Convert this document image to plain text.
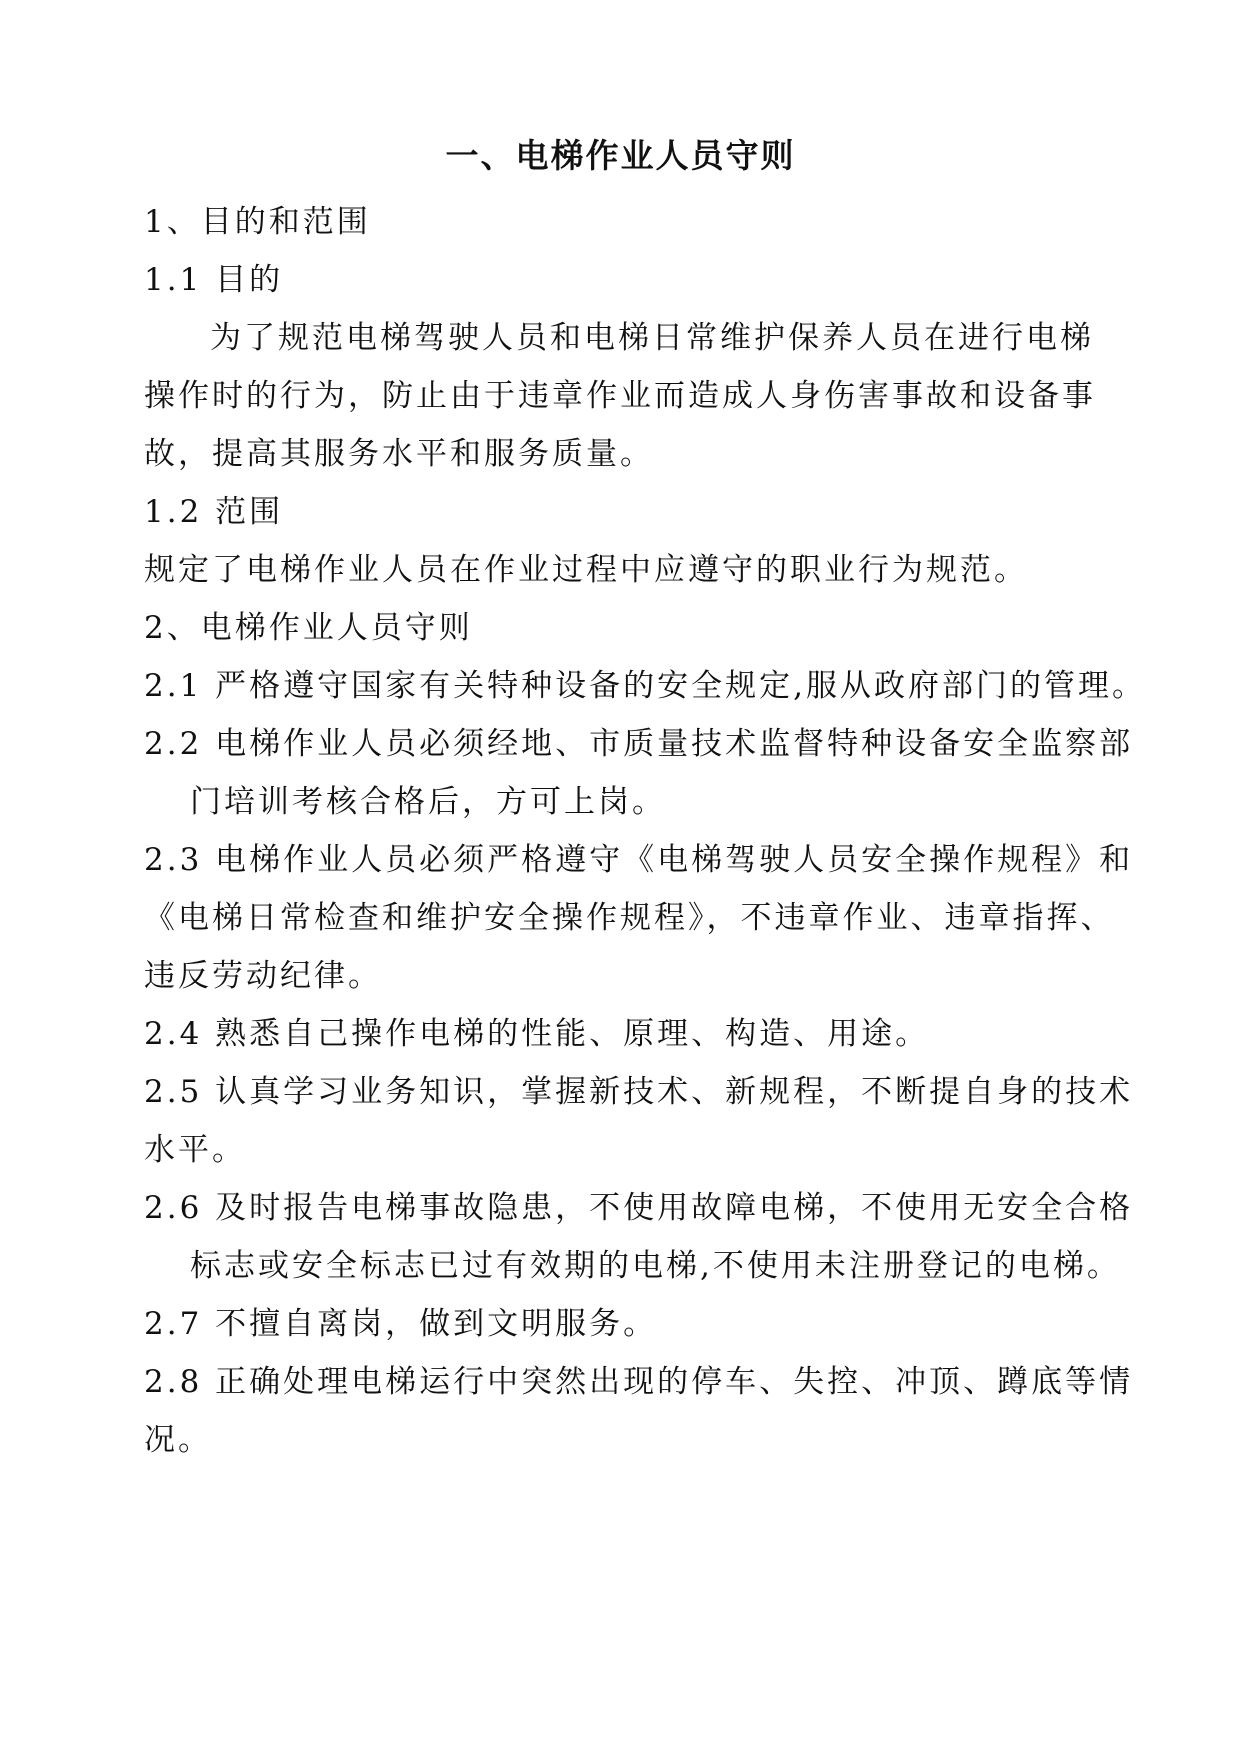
一、电梯作业人员守则
1、目的和范围
1.1 目的
为了规范电梯驾驶人员和电梯日常维护保养人员在进行电梯
操作时的行为，防止由于违章作业而造成人身伤害事故和设备事
故，提高其服务水平和服务质量。
1.2 范围
规定了电梯作业人员在作业过程中应遵守的职业行为规范。
2、电梯作业人员守则
2.1 严格遵守国家有关特种设备的安全规定,服从政府部门的管理。
2.2 电梯作业人员必须经地、市质量技术监督特种设备安全监察部
门培训考核合格后，方可上岗。
2.3 电梯作业人员必须严格遵守《电梯驾驶人员安全操作规程》和
《电梯日常检查和维护安全操作规程》，不违章作业、违章指挥、
违反劳动纪律。
2.4 熟悉自己操作电梯的性能、原理、构造、用途。
2.5 认真学习业务知识，掌握新技术、新规程，不断提自身的技术
水平。
2.6 及时报告电梯事故隐患，不使用故障电梯，不使用无安全合格
标志或安全标志已过有效期的电梯,不使用未注册登记的电梯。
2.7 不擅自离岗，做到文明服务。
2.8 正确处理电梯运行中突然出现的停车、失控、冲顶、蹲底等情
况。
